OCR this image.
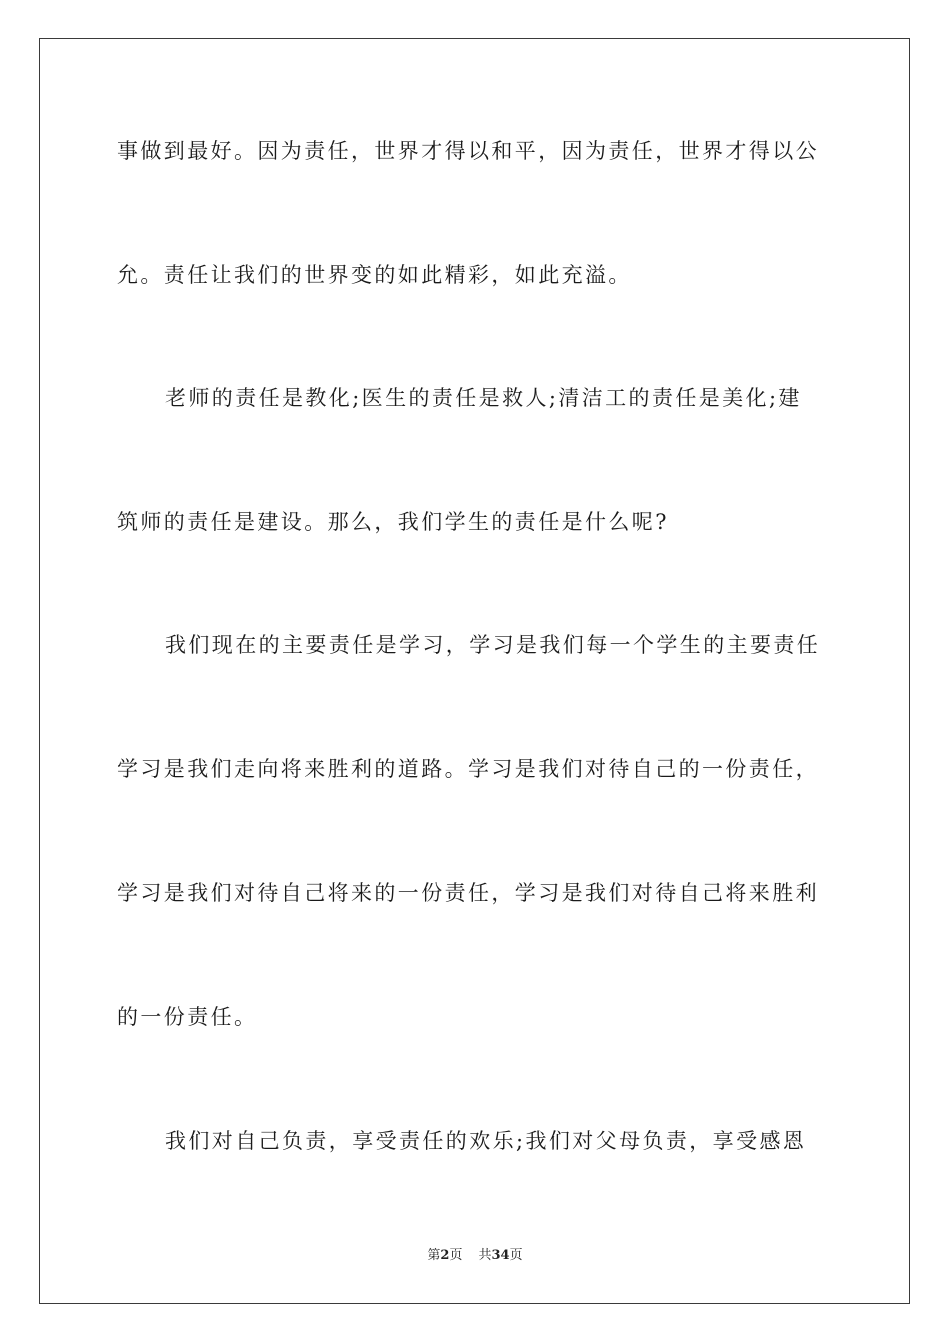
事做到最好。因为责任，世界才得以和平，因为责任，世界才得以公
允。责任让我们的世界变的如此精彩，如此充溢。
老师的责任是教化;医生的责任是救人;清洁工的责任是美化;建
筑师的责任是建设。那么，我们学生的责任是什么呢?
我们现在的主要责任是学习，学习是我们每一个学生的主要责任
学习是我们走向将来胜利的道路。学习是我们对待自己的一份责任，
学习是我们对待自己将来的一份责任，学习是我们对待自己将来胜利
的一份责任。
我们对自己负责，享受责任的欢乐;我们对父母负责，享受感恩
第2页 共34页
